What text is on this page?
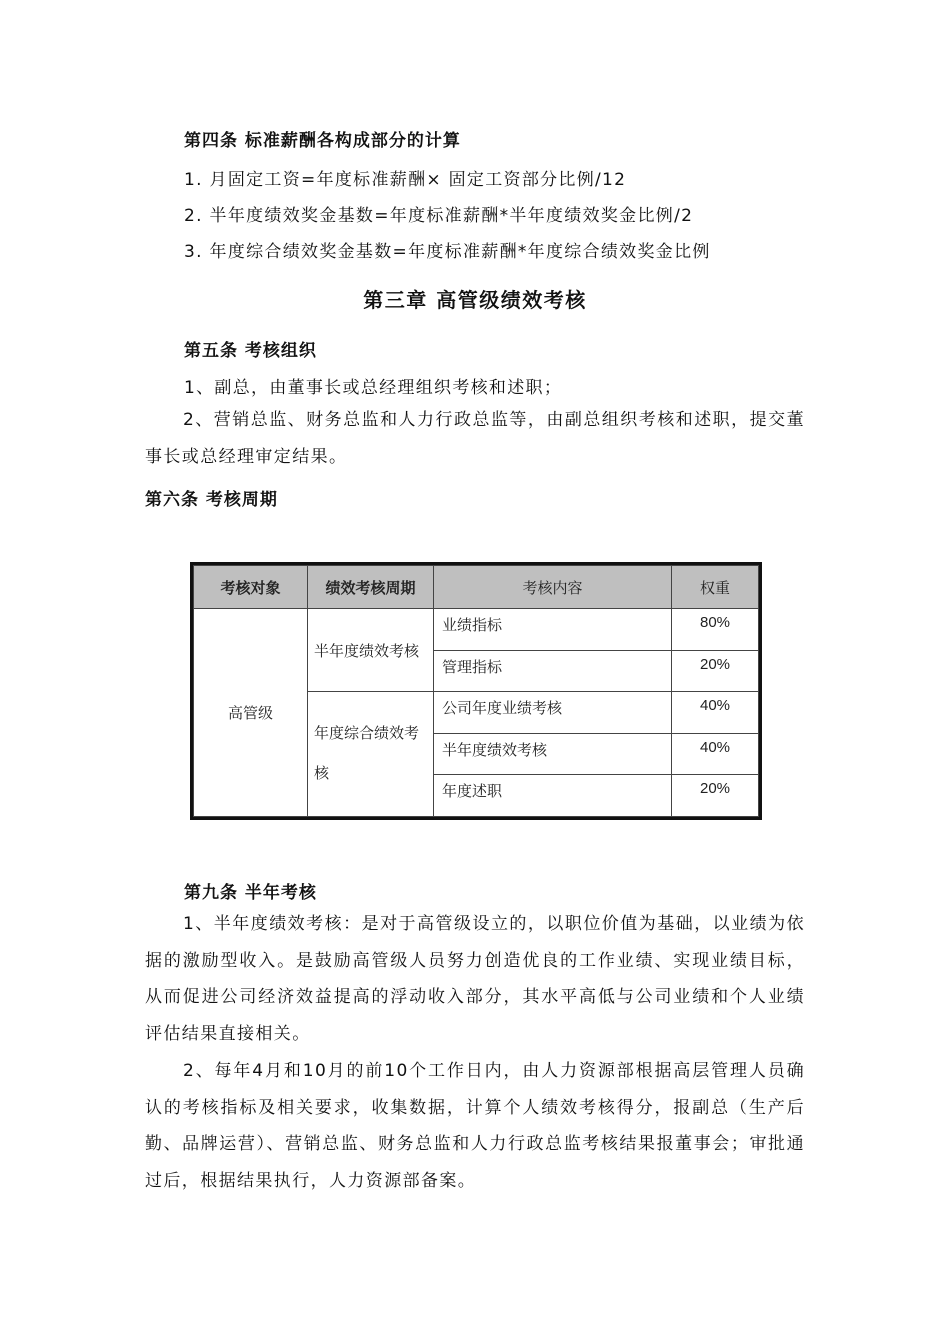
第四条 标准薪酬各构成部分的计算
1. 月固定工资=年度标准薪酬× 固定工资部分比例/12
2. 半年度绩效奖金基数=年度标准薪酬*半年度绩效奖金比例/2
3. 年度综合绩效奖金基数=年度标准薪酬*年度综合绩效奖金比例
第三章 高管级绩效考核
第五条 考核组织
1、副总，由董事长或总经理组织考核和述职；
2、营销总监、财务总监和人力行政总监等，由副总组织考核和述职，提交董事长或总经理审定结果。
第六条 考核周期
考核对象	绩效考核周期	考核内容	权重
高管级	半年度绩效考核	业绩指标	80%
		管理指标	20%

	年度综合绩效考核	公司年度业绩考核	40%
		半年度绩效考核	40%
		年度述职	20%
第九条 半年考核
1、半年度绩效考核：是对于高管级设立的，以职位价值为基础，以业绩为依据的激励型收入。是鼓励高管级人员努力创造优良的工作业绩、实现业绩目标，从而促进公司经济效益提高的浮动收入部分，其水平高低与公司业绩和个人业绩评估结果直接相关。
2、每年4月和10月的前10个工作日内，由人力资源部根据高层管理人员确认的考核指标及相关要求，收集数据，计算个人绩效考核得分，报副总（生产后勤、品牌运营）、营销总监、财务总监和人力行政总监考核结果报董事会；审批通过后，根据结果执行，人力资源部备案。
